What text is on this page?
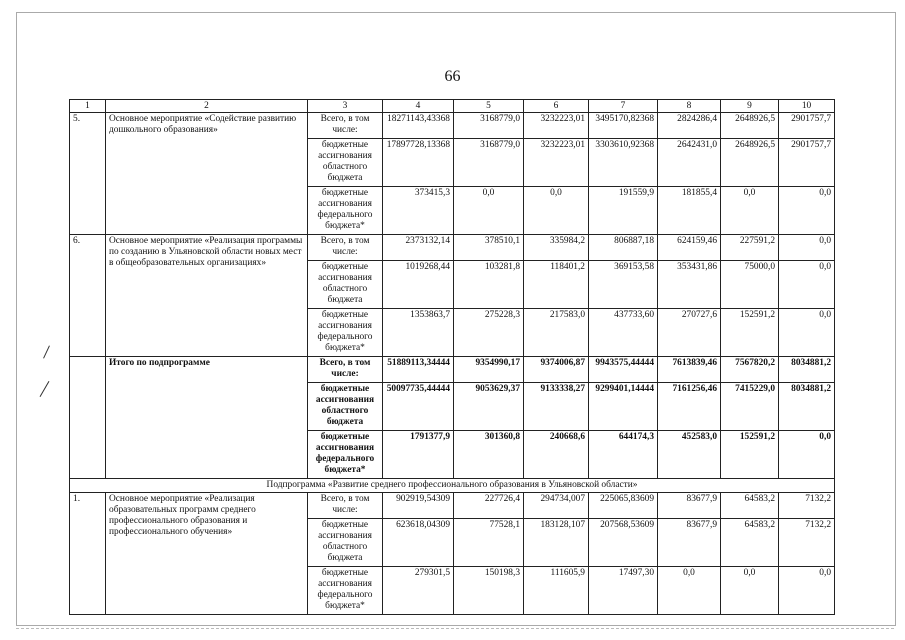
66
1	2	3	4	5	6	7	8	9	10
5.	Основное мероприятие «Содействие развитию дошкольного образования»	Всего, в том числе:	18271143,43368	3168779,0	3232223,01	3495170,82368	2824286,4	2648926,5	2901757,7
		бюджетные ассигнования областного бюджета	17897728,13368	3168779,0	3232223,01	3303610,92368	2642431,0	2648926,5	2901757,7
		бюджетные ассигнования федерального бюджета*	373415,3	0,0	0,0	191559,9	181855,4	0,0	0,0
6.	Основное мероприятие «Реализация программы по созданию в Ульяновской области новых мест в общеобразовательных организациях»	Всего, в том числе:	2373132,14	378510,1	335984,2	806887,18	624159,46	227591,2	0,0
		бюджетные ассигнования областного бюджета	1019268,44	103281,8	118401,2	369153,58	353431,86	75000,0	0,0
		бюджетные ассигнования федерального бюджета*	1353863,7	275228,3	217583,0	437733,60	270727,6	152591,2	0,0
	Итого по подпрограмме	Всего, в том числе:	51889113,34444	9354990,17	9374006,87	9943575,44444	7613839,46	7567820,2	8034881,2
		бюджетные ассигнования областного бюджета	50097735,44444	9053629,37	9133338,27	9299401,14444	7161256,46	7415229,0	8034881,2
		бюджетные ассигнования федерального бюджета*	1791377,9	301360,8	240668,6	644174,3	452583,0	152591,2	0,0
Подпрограмма «Развитие среднего профессионального образования в Ульяновской области»									
1.	Основное мероприятие «Реализация образовательных программ среднего профессионального образования и профессионального обучения»	Всего, в том числе:	902919,54309	227726,4	294734,007	225065,83609	83677,9	64583,2	7132,2
		бюджетные ассигнования областного бюджета	623618,04309	77528,1	183128,107	207568,53609	83677,9	64583,2	7132,2
		бюджетные ассигнования федерального бюджета*	279301,5	150198,3	111605,9	17497,30	0,0	0,0	0,0
